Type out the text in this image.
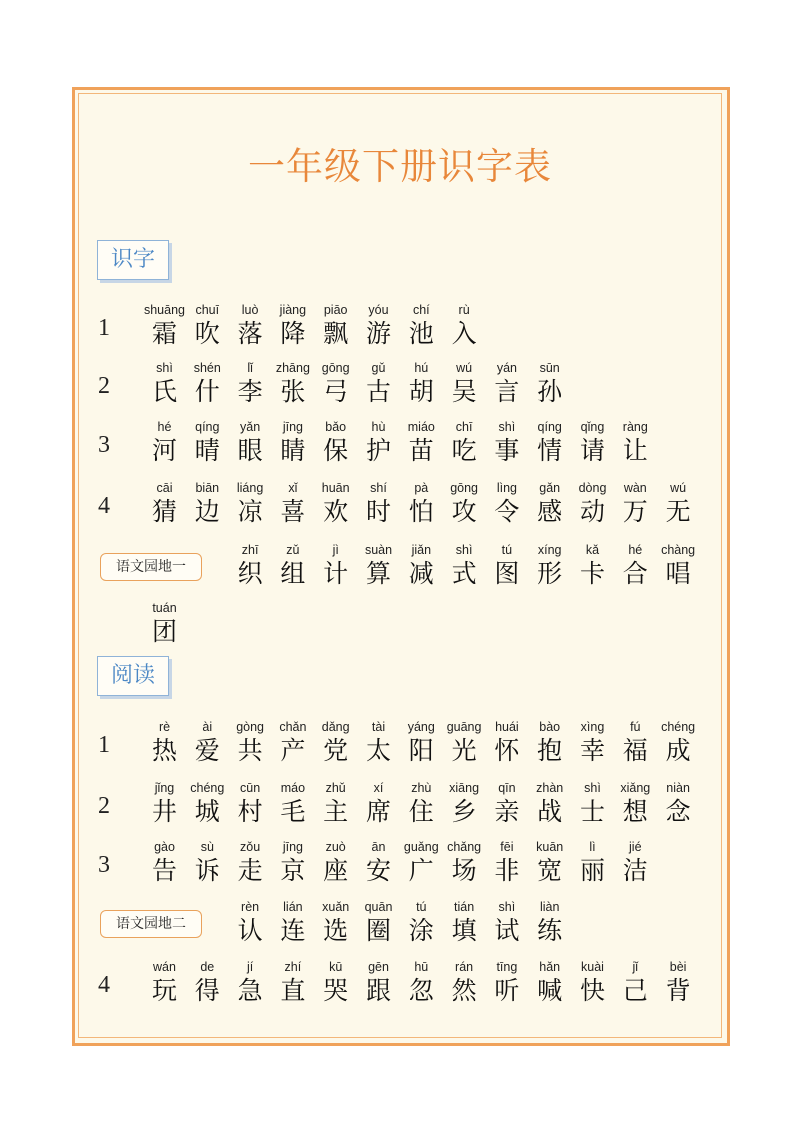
一年级下册识字表
识字
1
shuāng
霜
chuī
吹
luò
落
jiàng
降
piāo
飘
yóu
游
chí
池
rù
入
2
shì
氏
shén
什
lǐ
李
zhāng
张
gōng
弓
gǔ
古
hú
胡
wú
吴
yán
言
sūn
孙
3
hé
河
qíng
晴
yǎn
眼
jīng
睛
bǎo
保
hù
护
miáo
苗
chī
吃
shì
事
qíng
情
qǐng
请
ràng
让
4
cāi
猜
biān
边
liáng
凉
xǐ
喜
huān
欢
shí
时
pà
怕
gōng
攻
lìng
令
gǎn
感
dòng
动
wàn
万
wú
无
语文园地一
zhī
织
zǔ
组
jì
计
suàn
算
jiǎn
减
shì
式
tú
图
xíng
形
kǎ
卡
hé
合
chàng
唱
tuán
团
阅读
1
rè
热
ài
爱
gòng
共
chǎn
产
dǎng
党
tài
太
yáng
阳
guāng
光
huái
怀
bào
抱
xìng
幸
fú
福
chéng
成
2
jǐng
井
chéng
城
cūn
村
máo
毛
zhǔ
主
xí
席
zhù
住
xiāng
乡
qīn
亲
zhàn
战
shì
士
xiǎng
想
niàn
念
3
gào
告
sù
诉
zǒu
走
jīng
京
zuò
座
ān
安
guǎng
广
chǎng
场
fēi
非
kuān
宽
lì
丽
jié
洁
语文园地二
rèn
认
lián
连
xuǎn
选
quān
圈
tú
涂
tián
填
shì
试
liàn
练
4
wán
玩
de
得
jí
急
zhí
直
kū
哭
gēn
跟
hū
忽
rán
然
tīng
听
hǎn
喊
kuài
快
jǐ
己
bèi
背
